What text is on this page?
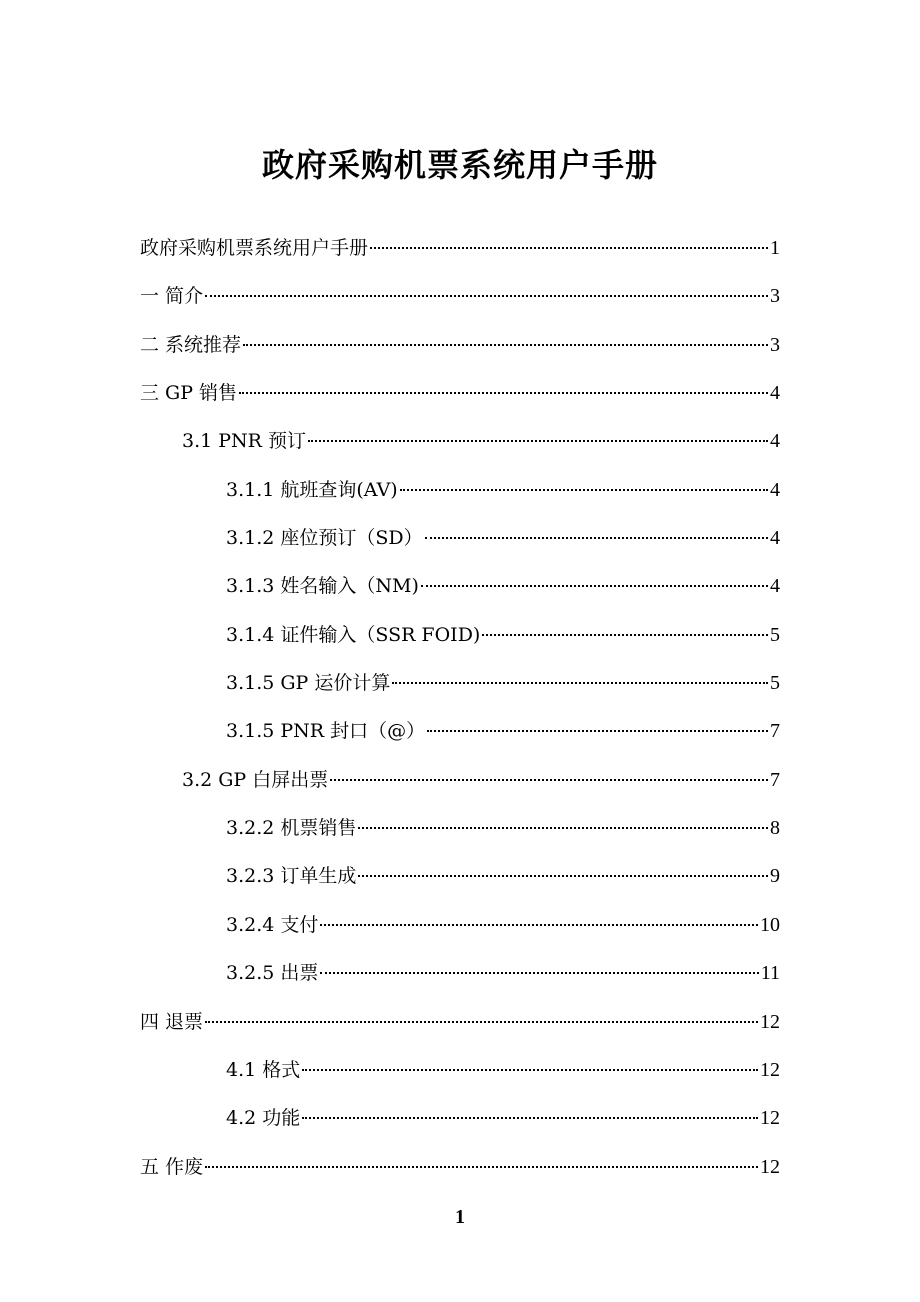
政府采购机票系统用户手册
政府采购机票系统用户手册	1
一 简介	3
二 系统推荐	3
三 GP 销售	4
3.1 PNR 预订	4
3.1.1 航班查询(AV)	4
3.1.2 座位预订（SD）	4
3.1.3 姓名输入（NM)	4
3.1.4 证件输入（SSR FOID)	5
3.1.5 GP 运价计算	5
3.1.5 PNR 封口（@）	7
3.2 GP 白屏出票	7
3.2.2 机票销售	8
3.2.3 订单生成	9
3.2.4 支付	10
3.2.5 出票	11
四 退票	12
4.1 格式	12
4.2 功能	12
五 作废	12
1
